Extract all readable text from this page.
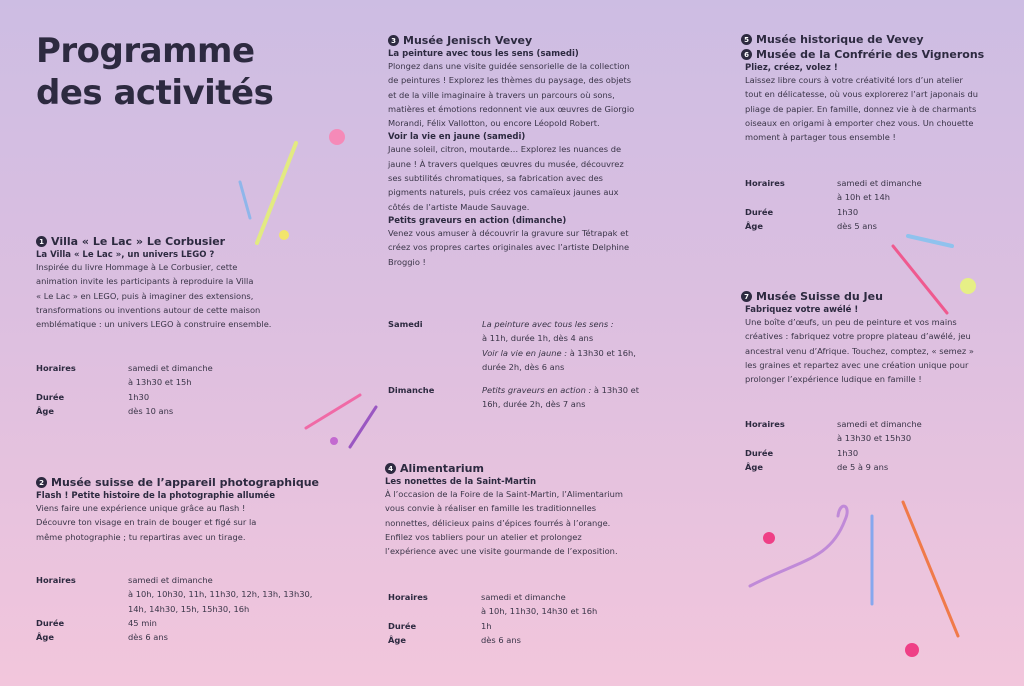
Programme
des activités
1 Villa « Le Lac » Le Corbusier
La Villa « Le Lac », un univers LEGO ?

Inspirée du livre Hommage à Le Corbusier, cette

animation invite les participants à reproduire la Villa

« Le Lac » en LEGO, puis à imaginer des extensions,

transformations ou inventions autour de cette maison

emblématique : un univers LEGO à construire ensemble.

Horaires	samedi et dimanche

à 13h30 et 15h

Durée	1h30
Âge	dès 10 ans
2 Musée suisse de l’appareil photographique
Flash ! Petite histoire de la photographie allumée

Viens faire une expérience unique grâce au flash !

Découvre ton visage en train de bouger et figé sur la

même photographie ; tu repartiras avec un tirage.

Horaires	samedi et dimanche

à 10h, 10h30, 11h, 11h30, 12h, 13h, 13h30,

14h, 14h30, 15h, 15h30, 16h

Durée	45 min
Âge	dès 6 ans
3 Musée Jenisch Vevey
La peinture avec tous les sens (samedi)

Plongez dans une visite guidée sensorielle de la collection

de peintures ! Explorez les thèmes du paysage, des objets

et de la ville imaginaire à travers un parcours où sons,

matières et émotions redonnent vie aux œuvres de Giorgio

Morandi, Félix Vallotton, ou encore Léopold Robert.

Voir la vie en jaune (samedi)

Jaune soleil, citron, moutarde… Explorez les nuances de

jaune ! À travers quelques œuvres du musée, découvrez

ses subtilités chromatiques, sa fabrication avec des

pigments naturels, puis créez vos camaïeux jaunes aux

côtés de l’artiste Maude Sauvage.

Petits graveurs en action (dimanche)

Venez vous amuser à découvrir la gravure sur Tétrapak et

créez vos propres cartes originales avec l’artiste Delphine

Broggio !

Samedi	La peinture avec tous les sens :

à 11h, durée 1h, dès 4 ans

Voir la vie en jaune : à 13h30 et 16h,

durée 2h, dès 6 ans

Dimanche	Petits graveurs en action : à 13h30 et

16h, durée 2h, dès 7 ans

4 Alimentarium
Les nonettes de la Saint-Martin

À l’occasion de la Foire de la Saint-Martin, l’Alimentarium

vous convie à réaliser en famille les traditionnelles

nonnettes, délicieux pains d’épices fourrés à l’orange.

Enfilez vos tabliers pour un atelier et prolongez

l’expérience avec une visite gourmande de l’exposition.

Horaires	samedi et dimanche

à 10h, 11h30, 14h30 et 16h

Durée	1h
Âge	dès 6 ans
5 Musée historique de Vevey
6 Musée de la Confrérie des Vignerons
Pliez, créez, volez !

Laissez libre cours à votre créativité lors d’un atelier

tout en délicatesse, où vous explorerez l’art japonais du

pliage de papier. En famille, donnez vie à de charmants

oiseaux en origami à emporter chez vous. Un chouette

moment à partager tous ensemble !

Horaires	samedi et dimanche

à 10h et 14h

Durée	1h30
Âge	dès 5 ans
7 Musée Suisse du Jeu
Fabriquez votre awélé !

Une boîte d’œufs, un peu de peinture et vos mains

créatives : fabriquez votre propre plateau d’awélé, jeu

ancestral venu d’Afrique. Touchez, comptez, « semez »

les graines et repartez avec une création unique pour

prolonger l’expérience ludique en famille !

Horaires	samedi et dimanche

à 13h30 et 15h30

Durée	1h30
Âge	de 5 à 9 ans
